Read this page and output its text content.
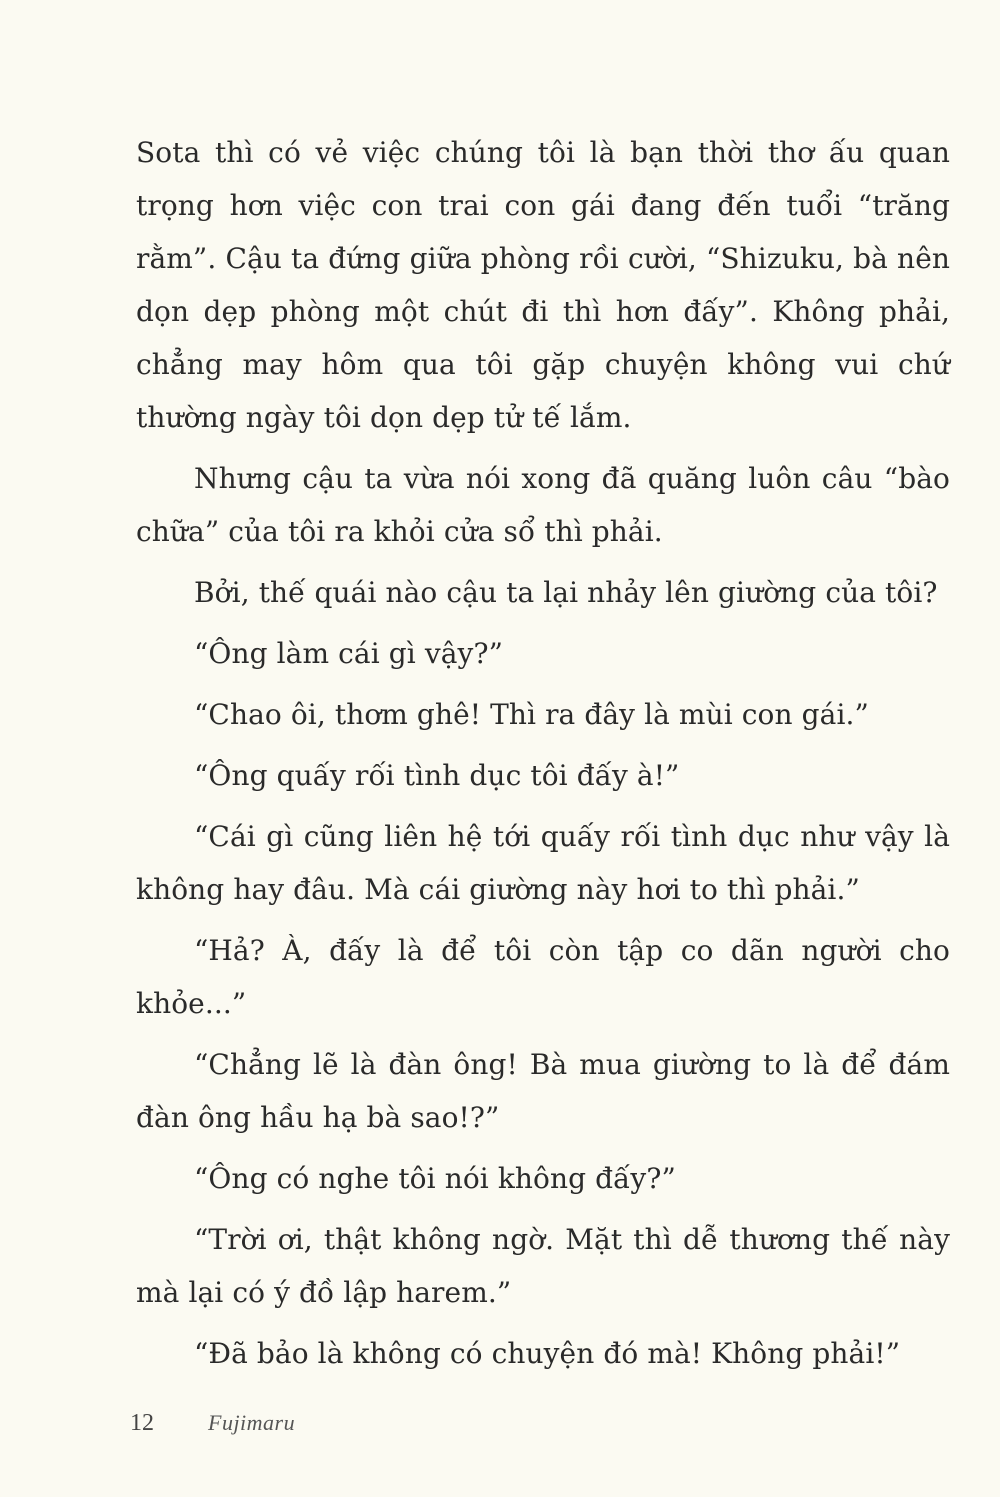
Sota thì có vẻ việc chúng tôi là bạn thời thơ ấu quan trọng hơn việc con trai con gái đang đến tuổi “trăng rằm”. Cậu ta đứng giữa phòng rồi cười, “Shizuku, bà nên dọn dẹp phòng một chút đi thì hơn đấy”. Không phải, chẳng may hôm qua tôi gặp chuyện không vui chứ thường ngày tôi dọn dẹp tử tế lắm.

Nhưng cậu ta vừa nói xong đã quăng luôn câu “bào chữa” của tôi ra khỏi cửa sổ thì phải.

Bởi, thế quái nào cậu ta lại nhảy lên giường của tôi?

“Ông làm cái gì vậy?”

“Chao ôi, thơm ghê! Thì ra đây là mùi con gái.”

“Ông quấy rối tình dục tôi đấy à!”

“Cái gì cũng liên hệ tới quấy rối tình dục như vậy là không hay đâu. Mà cái giường này hơi to thì phải.”

“Hả? À, đấy là để tôi còn tập co dãn người cho khỏe...”

“Chẳng lẽ là đàn ông! Bà mua giường to là để đám đàn ông hầu hạ bà sao!?”

“Ông có nghe tôi nói không đấy?”

“Trời ơi, thật không ngờ. Mặt thì dễ thương thế này mà lại có ý đồ lập harem.”

“Đã bảo là không có chuyện đó mà! Không phải!”

12 Fujimaru
